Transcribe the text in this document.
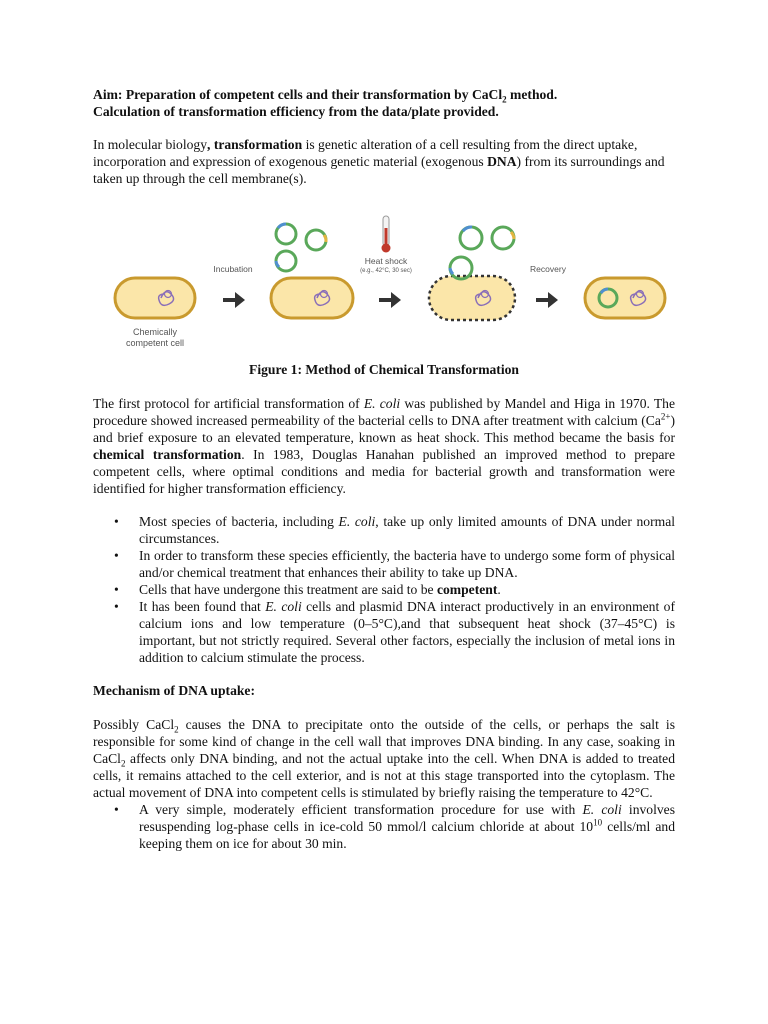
Aim: Preparation of competent cells and their transformation by CaCl$_2$ method.

Calculation of transformation efficiency from the data/plate provided.

In molecular biology, transformation is genetic alteration of a cell resulting from the direct uptake, incorporation and expression of exogenous genetic material (exogenous DNA) from its surroundings and taken up through the cell membrane(s).

Chemically
competent cell
Incubation
Heat shock
(e.g., 42°C, 30 sec)	Recovery

Figure 1: Method of Chemical Transformation

The first protocol for artificial transformation of E. coli was published by Mandel and Higa in 1970. The procedure showed increased permeability of the bacterial cells to DNA after treatment with calcium $(Ca^{2+})$ and brief exposure to an elevated temperature, known as heat shock. This method became the basis for chemical transformation. In 1983, Douglas Hanahan published an improved method to prepare competent cells, where optimal conditions and media for bacterial growth and transformation were identified for higher transformation efficiency.

• Most species of bacteria, including E. coli, take up only limited amounts of DNA under normal circumstances.
• In order to transform these species efficiently, the bacteria have to undergo some form of physical and/or chemical treatment that enhances their ability to take up DNA.
• Cells that have undergone this treatment are said to be competent.
• It has been found that E. coli cells and plasmid DNA interact productively in an environment of calcium ions and low temperature (0–5°C),and that subsequent heat shock (37–45°C) is important, but not strictly required. Several other factors, especially the inclusion of metal ions in addition to calcium stimulate the process.
Mechanism of DNA uptake:

Possibly CaCl$_2$ causes the DNA to precipitate onto the outside of the cells, or perhaps the salt is responsible for some kind of change in the cell wall that improves DNA binding. In any case, soaking in CaCl$_2$ affects only DNA binding, and not the actual uptake into the cell. When DNA is added to treated cells, it remains attached to the cell exterior, and is not at this stage transported into the cytoplasm. The actual movement of DNA into competent cells is stimulated by briefly raising the temperature to 42°C.

• A very simple, moderately efficient transformation procedure for use with E. coli involves resuspending log-phase cells in ice-cold 50 mmol/l calcium chloride at about $10^{10}$ cells/ml and keeping them on ice for about 30 min.
